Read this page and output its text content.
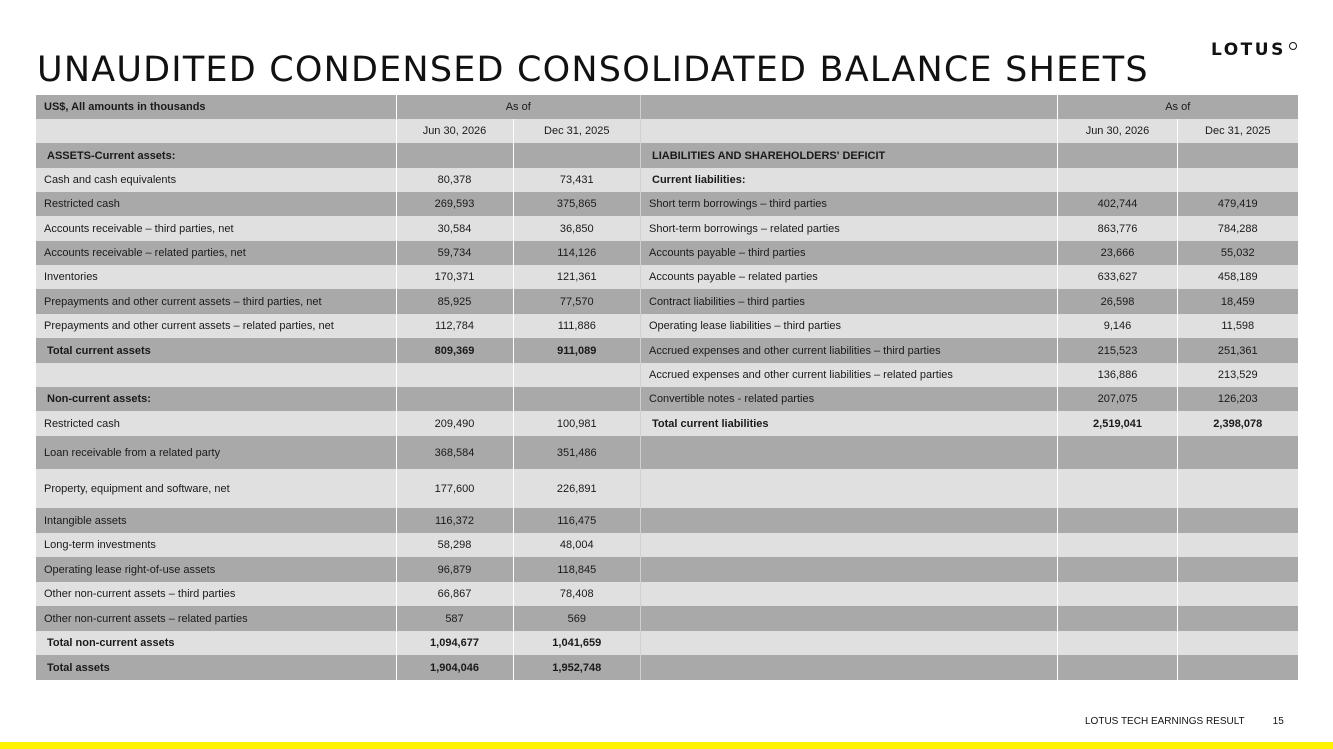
UNAUDITED CONDENSED CONSOLIDATED BALANCE SHEETS	LOTUS
US$, All amounts in thousands	As of	
	Jun 30, 2026	Dec 31, 2025
ASSETS-Current assets:		
Cash and cash equivalents	80,378	73,431
Restricted cash	269,593	375,865
Accounts receivable – third parties, net	30,584	36,850
Accounts receivable – related parties, net	59,734	114,126
Inventories	170,371	121,361
Prepayments and other current assets – third parties, net	85,925	77,570
Prepayments and other current assets – related parties, net	112,784	111,886
Total current assets	809,369	911,089

Non-current assets:		
Restricted cash	209,490	100,981
Loan receivable from a related party	368,584	351,486
Property, equipment and software, net	177,600	226,891
Intangible assets	116,372	116,475
Long-term investments	58,298	48,004
Operating lease right-of-use assets	96,879	118,845
Other non-current assets – third parties	66,867	78,408
Other non-current assets – related parties	587	569
Total non-current assets	1,094,677	1,041,659
Total assets	1,904,046	1,952,748
	As of	
	Jun 30, 2026	Dec 31, 2025
LIABILITIES AND SHAREHOLDERS' DEFICIT		
Current liabilities:		
Short term borrowings – third parties	402,744	479,419
Short-term borrowings – related parties	863,776	784,288
Accounts payable – third parties	23,666	55,032
Accounts payable – related parties	633,627	458,189
Contract liabilities – third parties	26,598	18,459
Operating lease liabilities – third parties	9,146	11,598
Accrued expenses and other current liabilities – third parties	215,523	251,361
Accrued expenses and other current liabilities – related parties	136,886	213,529
Convertible notes - related parties	207,075	126,203
Total current liabilities	2,519,041	2,398,078

LOTUS TECH EARNINGS RESULT	15
